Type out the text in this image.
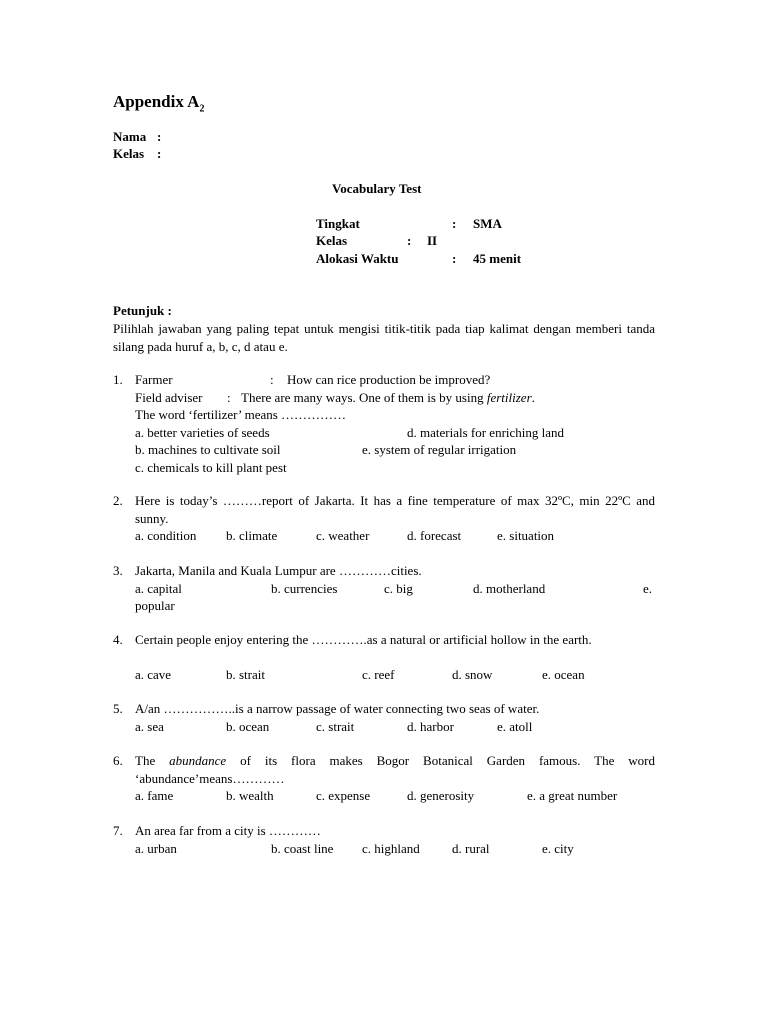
Appendix $A_2$
Nama :
Kelas :
Vocabulary Test
Tingkat	: SMA
Kelas	: II
Alokasi Waktu	: 45 menit
Petunjuk :
Pilihlah jawaban yang paling tepat untuk mengisi titik-titik pada tiap kalimat dengan memberi tanda silang pada huruf a, b, c, d atau e.
1. Farmer	: How can rice production be improved?
Field adviser : There are many ways. One of them is by using fertilizer.
The word ‘fertilizer’ means ……………
a. better varieties of seeds	d. materials for enriching land
b. machines to cultivate soil	e. system of regular irrigation
c. chemicals to kill plant pest
2. Here is today’s ………report of Jakarta. It has a fine temperature of max 32ºC, min 22ºC and sunny.
a. condition b. climate	c. weather	d. forecast	e. situation
3. Jakarta, Manila and Kuala Lumpur are …………cities.
a. capital	b. currencies	c. big	d. motherland	e.
popular
4. Certain people enjoy entering the ………….as a natural or artificial hollow in the earth.
a. cave	b. strait	c. reef	d. snow	e. ocean
5. A/an ……………..is a narrow passage of water connecting two seas of water.
a. sea	b. ocean	c. strait	d. harbor	e. atoll
6. The abundance of its flora makes Bogor Botanical Garden famous. The word ‘abundance’means…………
a. fame	b. wealth	c. expense	d. generosity	e. a great number
7. An area far from a city is …………
a. urban	b. coast line c. highland d. rural	e. city
